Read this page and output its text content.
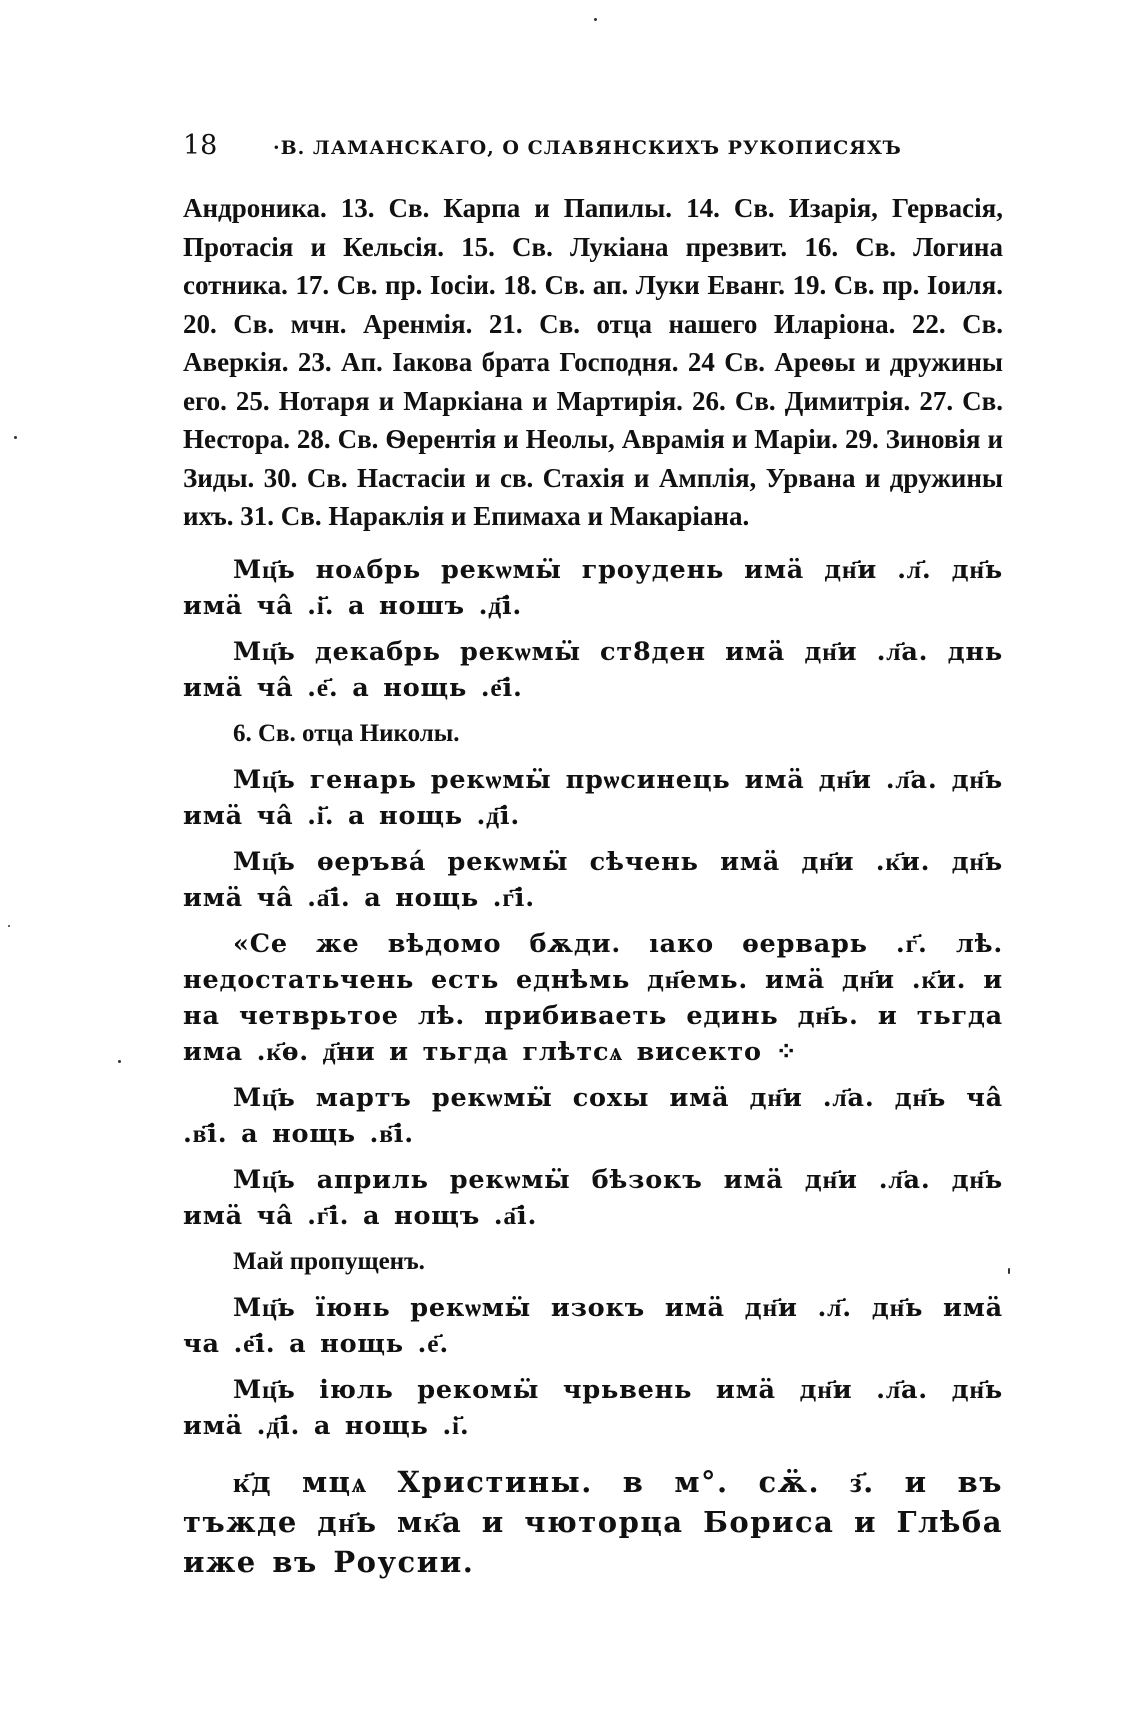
18	·В. ЛАМАНСКАГО, О СЛАВЯНСКИХЪ РУКОПИСЯХЪ

Андроника. 13. Св. Карпа и Папилы. 14. Св. Изарія, Гервасія, Протасія и Кельсія. 15. Св. Лукіана презвит. 16. Св. Логина сотника. 17. Св. пр. Іосіи. 18. Св. ап. Луки Еванг. 19. Св. пр. Іоиля. 20. Св. мчн. Аренмія. 21. Св. отца нашего Иларіона. 22. Св. Аверкія. 23. Ап. Іакова брата Господня. 24 Св. Ареѳы и дружины его. 25. Нотаря и Маркіана и Мартирія. 26. Св. Димитрія. 27. Св. Нестора. 28. Св. Ѳерентія и Неолы, Аврамія и Маріи. 29. Зиновія и Зиды. 30. Св. Настасіи и св. Стахія и Амплія, Урвана и дружины ихъ. 31. Св. Нараклія и Епимаха и Макаріана.

Мц҃ь ноѧбрь рекѡмӹ гроудень имӓ дн҃и .л҃. дн҃ь имӓ ча̂ .і҃. а ношъ .д҃і.

Мц҃ь декабрь рекѡмӹ ст8ден имӓ дн҃и .л҃а. днь имӓ ча̂ .е҃. а нощь .е҃і.

6. Св. отца Николы.

Мц҃ь генарь рекѡмӹ прѡсинець имӓ дн҃и .л҃а. дн҃ь имӓ ча̂ .і҃. а нощь .д҃і.

Мц҃ь ѳеръва́ рекѡмӹ сѣчень имӓ дн҃и .к҃и. дн҃ь имӓ ча̂ .а҃і. а нощь .г҃і.

«Се же вѣдомо бѫди. ıако ѳерварь .г҃. лѣ. недостатьчень есть еднѣмь дн҃емь. имӓ дн҃и .к҃и. и на четврьтое лѣ. прибиваеть единь дн҃ь. и тьгда има .к҃ѳ. д҃ни и тьгда глѣтсѧ висекто ⁘

Мц҃ь мартъ рекѡмӹ сохы имӓ дн҃и .л҃а. дн҃ь ча̂ .в҃і. а нощь .в҃і.

Мц҃ь априль рекѡмӹ бѣзокъ имӓ дн҃и .л҃а. дн҃ь имӓ ча̂ .г҃і. а нощъ .а҃і.

Май пропущенъ.

Мц҃ь їюнь рекѡмӹ изокъ имӓ дн҃и .л҃. дн҃ь имӓ ча .е҃і. а нощь .е҃.

Мц҃ь іюль рекомӹ чрьвень имӓ дн҃и .л҃а. дн҃ь имӓ .д҃і. а нощь .і҃.

к҃д мцѧ Христины. в м°. сѫ̈. з҃. и въ тъжде дн҃ь мк҃а и чюторца Бориса и Глѣба иже въ Роусии.
